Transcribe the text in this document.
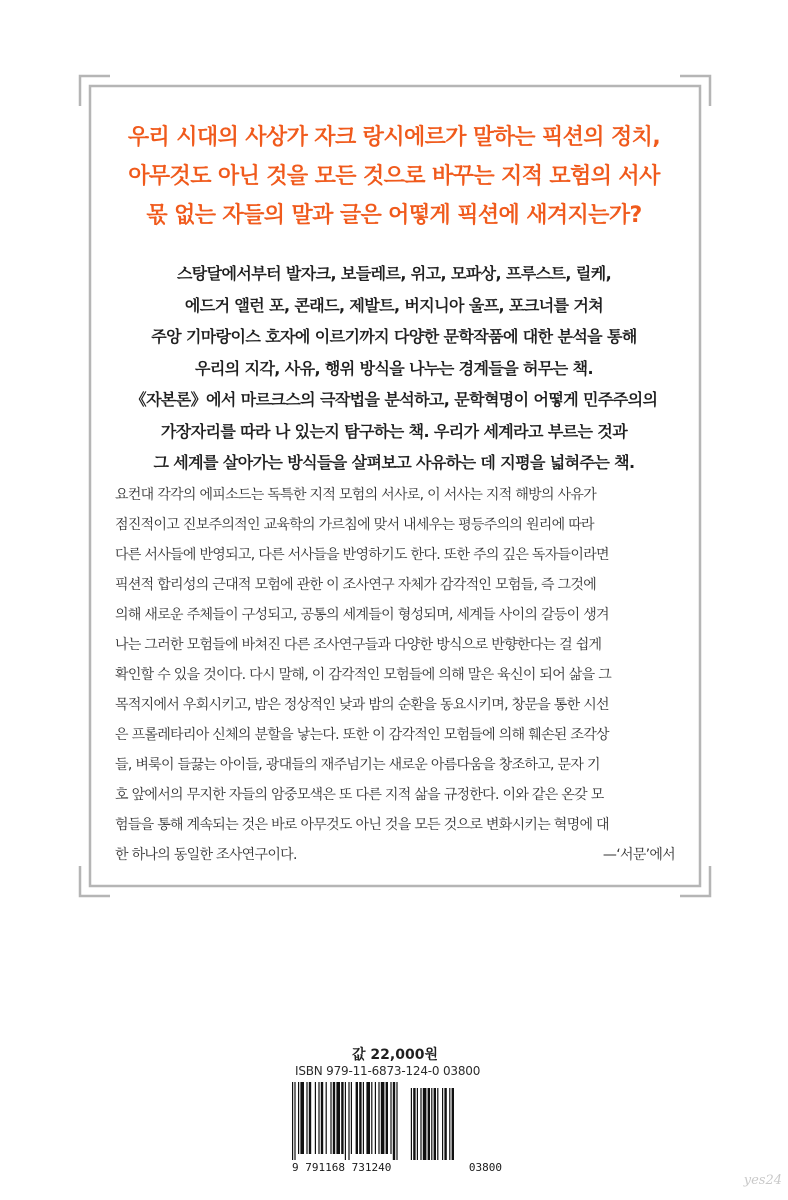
우리 시대의 사상가 자크 랑시에르가 말하는 픽션의 정치,
아무것도 아닌 것을 모든 것으로 바꾸는 지적 모험의 서사
몫 없는 자들의 말과 글은 어떻게 픽션에 새겨지는가?
스탕달에서부터 발자크, 보들레르, 위고, 모파상, 프루스트, 릴케,
에드거 앨런 포, 콘래드, 제발트, 버지니아 울프, 포크너를 거쳐
주앙 기마랑이스 호자에 이르기까지 다양한 문학작품에 대한 분석을 통해
우리의 지각, 사유, 행위 방식을 나누는 경계들을 허무는 책.
《자본론》에서 마르크스의 극작법을 분석하고, 문학혁명이 어떻게 민주주의의
가장자리를 따라 나 있는지 탐구하는 책. 우리가 세계라고 부르는 것과
그 세계를 살아가는 방식들을 살펴보고 사유하는 데 지평을 넓혀주는 책.
요컨대 각각의 에피소드는 독특한 지적 모험의 서사로, 이 서사는 지적 해방의 사유가
점진적이고 진보주의적인 교육학의 가르침에 맞서 내세우는 평등주의의 원리에 따라
다른 서사들에 반영되고, 다른 서사들을 반영하기도 한다. 또한 주의 깊은 독자들이라면
픽션적 합리성의 근대적 모험에 관한 이 조사연구 자체가 감각적인 모험들, 즉 그것에
의해 새로운 주체들이 구성되고, 공통의 세계들이 형성되며, 세계들 사이의 갈등이 생겨
나는 그러한 모험들에 바쳐진 다른 조사연구들과 다양한 방식으로 반향한다는 걸 쉽게
확인할 수 있을 것이다. 다시 말해, 이 감각적인 모험들에 의해 말은 육신이 되어 삶을 그
목적지에서 우회시키고, 밤은 정상적인 낮과 밤의 순환을 동요시키며, 창문을 통한 시선
은 프롤레타리아 신체의 분할을 낳는다. 또한 이 감각적인 모험들에 의해 훼손된 조각상
들, 벼룩이 들끓는 아이들, 광대들의 재주넘기는 새로운 아름다움을 창조하고, 문자 기
호 앞에서의 무지한 자들의 암중모색은 또 다른 지적 삶을 규정한다. 이와 같은 온갖 모
험들을 통해 계속되는 것은 바로 아무것도 아닌 것을 모든 것으로 변화시키는 혁명에 대
한 하나의 동일한 조사연구이다.	—‘서문’에서
값 22,000원
ISBN 979-11-6873-124-0 03800
9 791168 731240	03800
yes24
